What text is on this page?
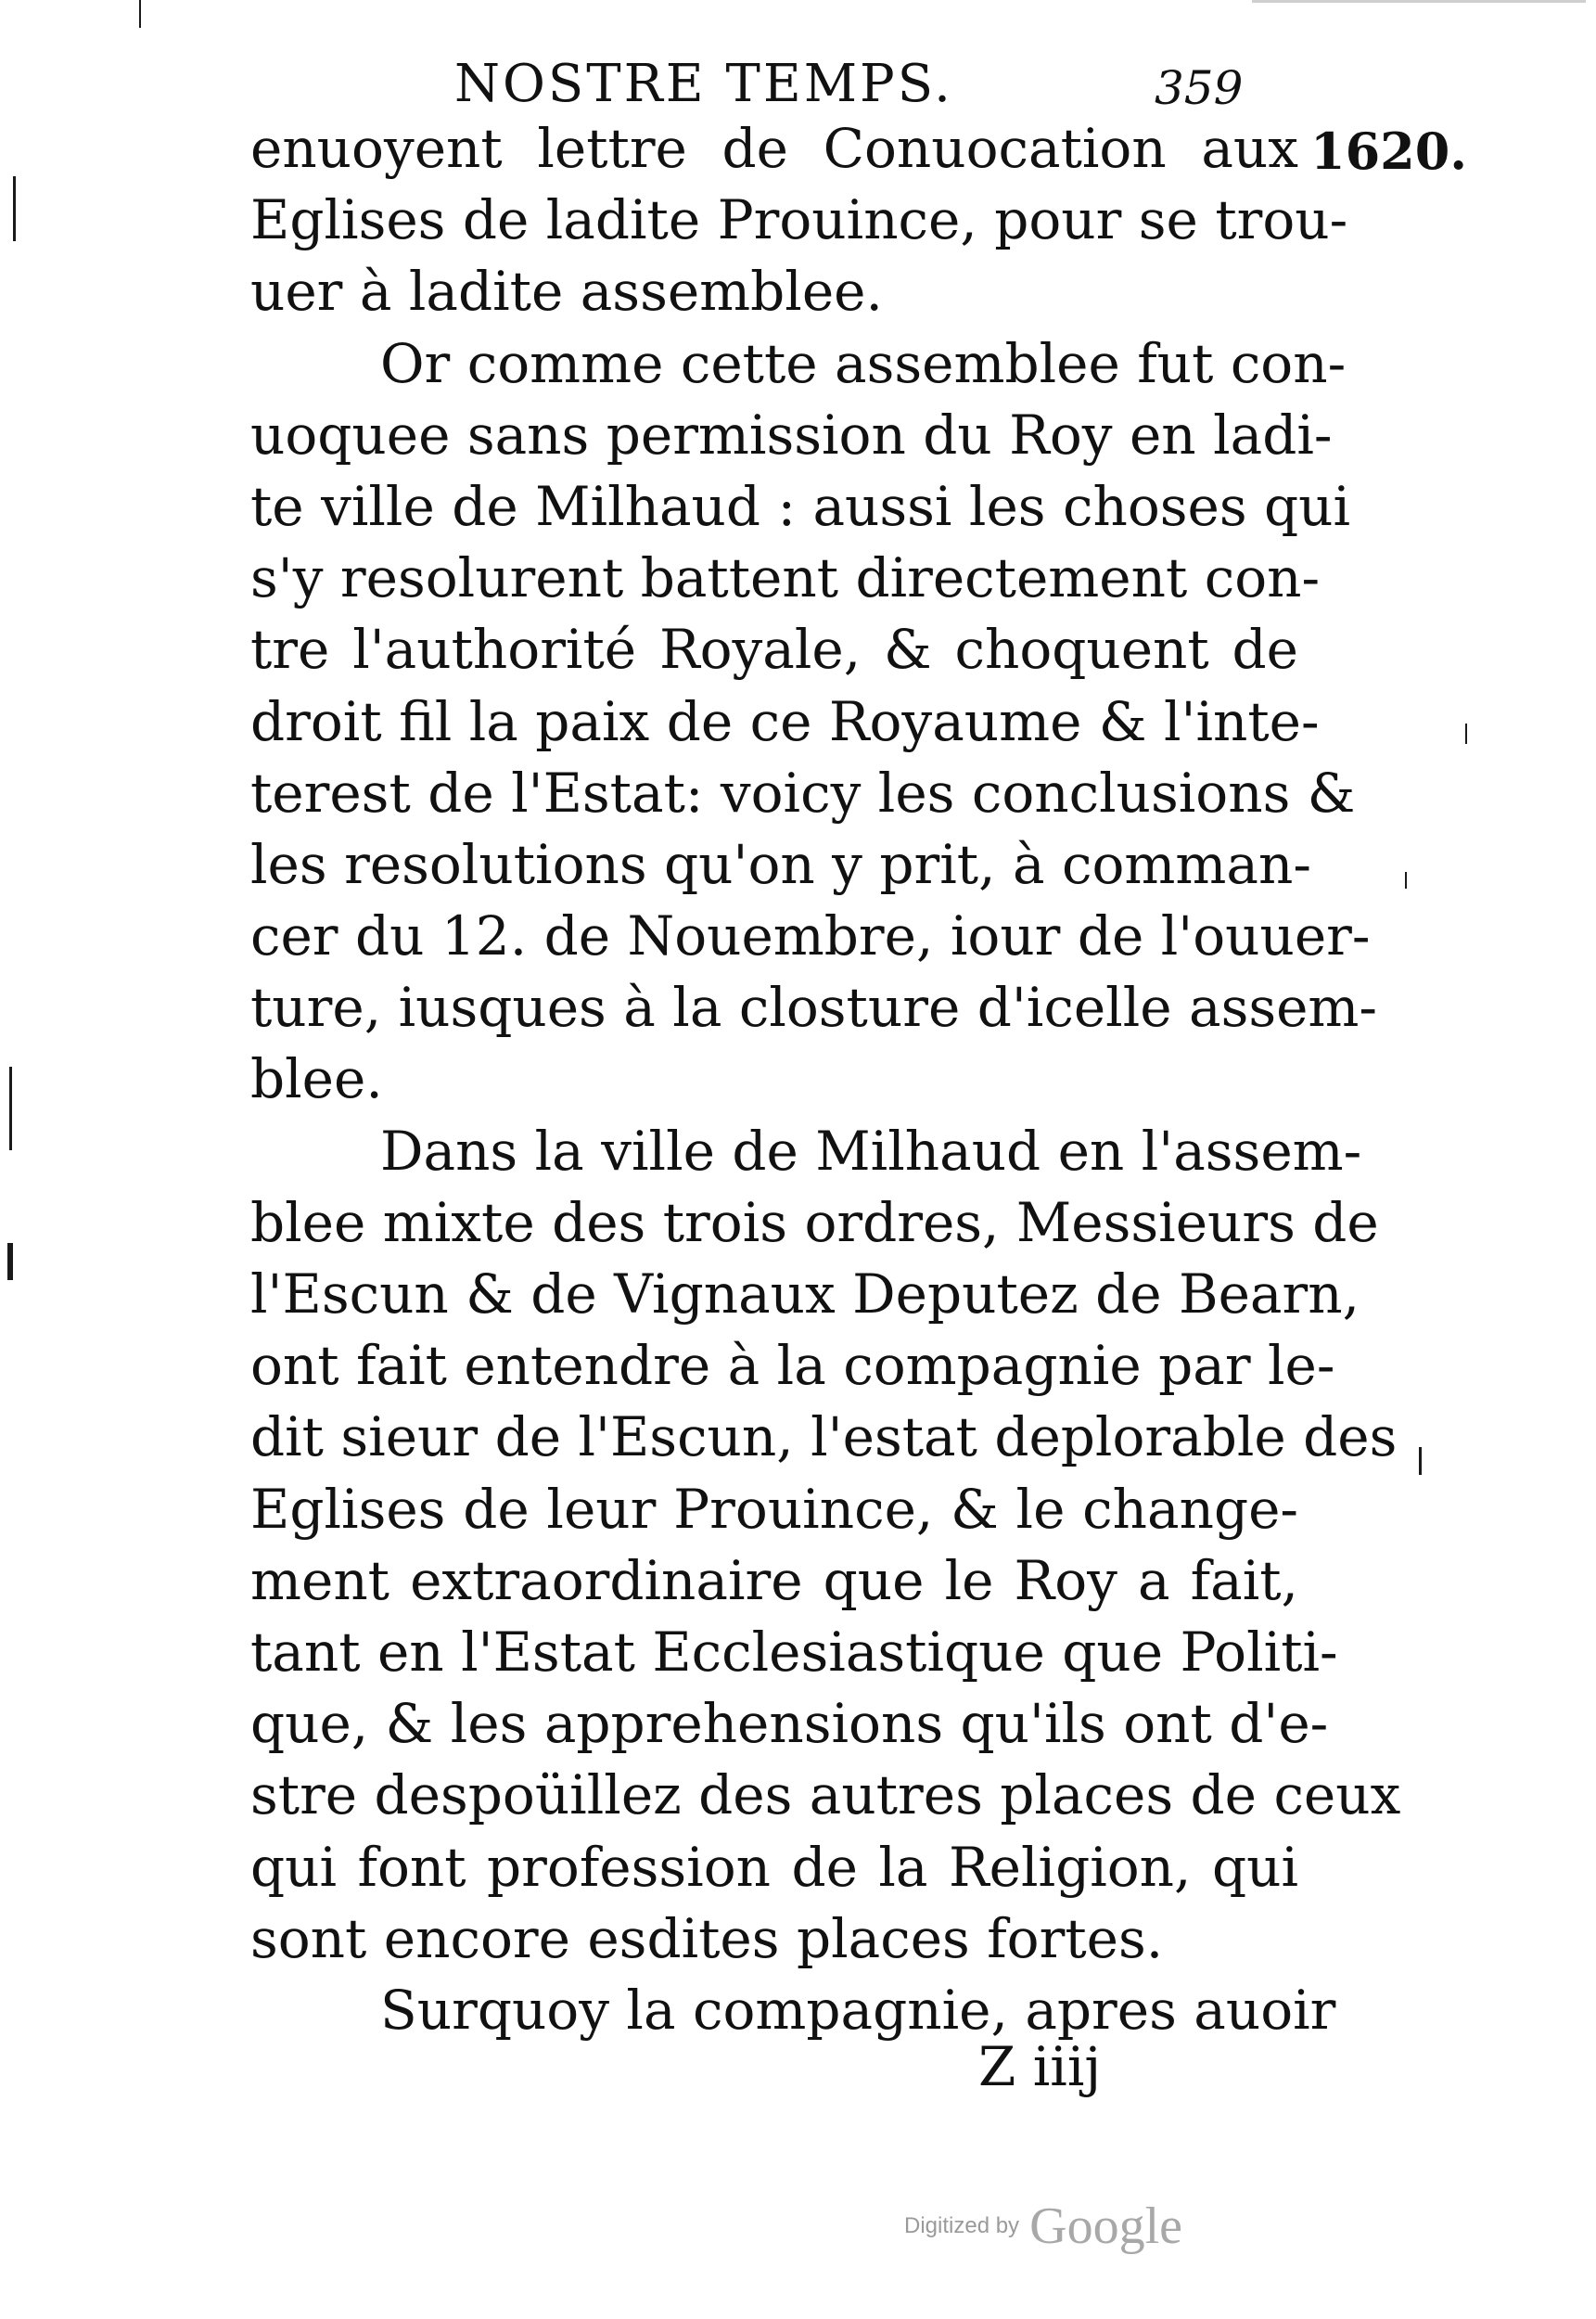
NOSTRE TEMPS.	359
1620.
enuoyent lettre de Conuocation aux
Eglises de ladite Prouince, pour se trou-
uer à ladite assemblee.
Or comme cette assemblee fut con-
uoquee sans permission du Roy en ladi-
te ville de Milhaud : aussi les choses qui
s'y resolurent battent directement con-
tre l'authorité Royale, & choquent de
droit fil la paix de ce Royaume & l'inte-
terest de l'Estat: voicy les conclusions &
les resolutions qu'on y prit, à comman-
cer du 12. de Nouembre, iour de l'ouuer-
ture, iusques à la closture d'icelle assem-
blee.
Dans la ville de Milhaud en l'assem-
blee mixte des trois ordres, Messieurs de
l'Escun & de Vignaux Deputez de Bearn,
ont fait entendre à la compagnie par le-
dit sieur de l'Escun, l'estat deplorable des
Eglises de leur Prouince, & le change-
ment extraordinaire que le Roy a fait,
tant en l'Estat Ecclesiastique que Politi-
que, & les apprehensions qu'ils ont d'e-
stre despoüillez des autres places de ceux
qui font profession de la Religion, qui
sont encore esdites places fortes.
Surquoy la compagnie, apres auoir
Z iiij
Digitized by Google
